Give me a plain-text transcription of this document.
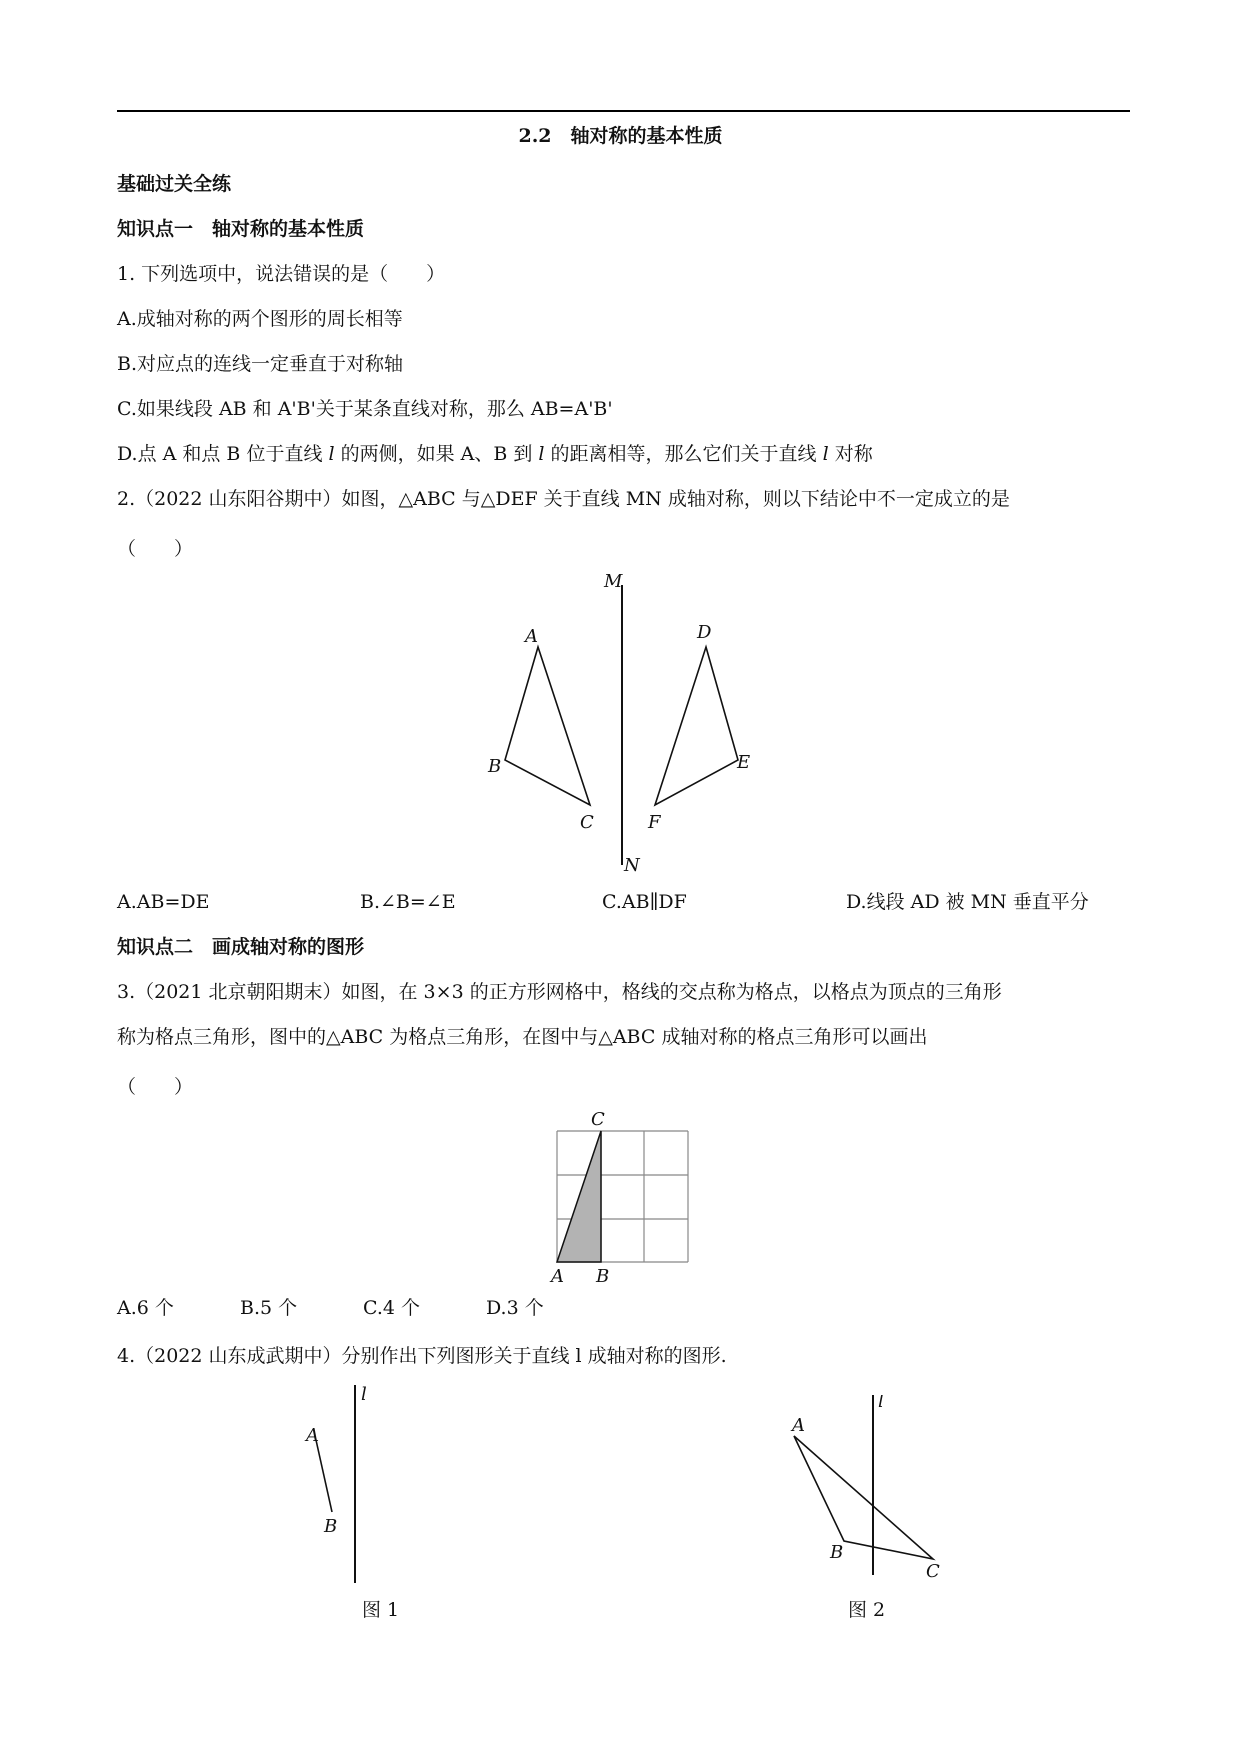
2.2　轴对称的基本性质
基础过关全练
知识点一　轴对称的基本性质
1. 下列选项中，说法错误的是（　　）
A.成轴对称的两个图形的周长相等
B.对应点的连线一定垂直于对称轴
C.如果线段 AB 和 A'B'关于某条直线对称，那么 AB=A'B'
D.点 A 和点 B 位于直线 l 的两侧，如果 A、B 到 l 的距离相等，那么它们关于直线 l 对称
2.（2022 山东阳谷期中）如图，△ABC 与△DEF 关于直线 MN 成轴对称，则以下结论中不一定成立的是
（　　）
M
N
A
B
C
D
E
F
A.AB=DE	B.∠B=∠E	C.AB∥DF	D.线段 AD 被 MN 垂直平分
知识点二　画成轴对称的图形
3.（2021 北京朝阳期末）如图，在 3×3 的正方形网格中，格线的交点称为格点，以格点为顶点的三角形
称为格点三角形，图中的△ABC 为格点三角形，在图中与△ABC 成轴对称的格点三角形可以画出
（　　）
C
A B
A.6 个	B.5 个	C.4 个	D.3 个
4.（2022 山东成武期中）分别作出下列图形关于直线 l 成轴对称的图形.
l
A
B
图 1
l
A
B
C
图 2
